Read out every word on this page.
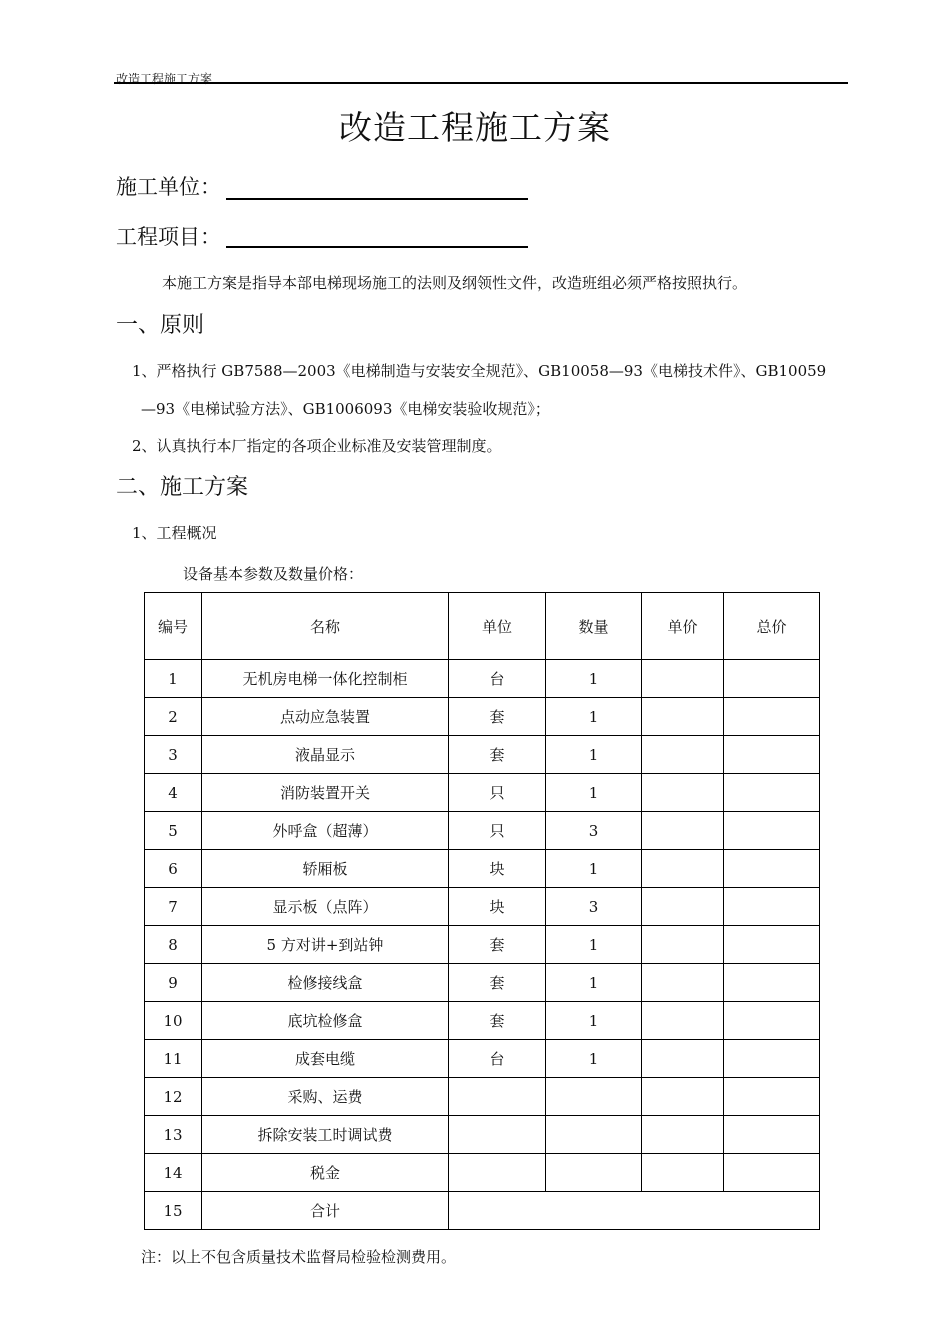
改造工程施工方案
改造工程施工方案
施工单位：
工程项目：
本施工方案是指导本部电梯现场施工的法则及纲领性文件，改造班组必须严格按照执行。
一、原则
1、严格执行 GB7588—2003《电梯制造与安装安全规范》、GB10058—93《电梯技术件》、GB10059
—93《电梯试验方法》、GB1006093《电梯安装验收规范》；
2、认真执行本厂指定的各项企业标准及安装管理制度。
二、施工方案
1、工程概况
设备基本参数及数量价格：
编号	名称	单位	数量	单价	总价
1	无机房电梯一体化控制柜	台	1		
2	点动应急装置	套	1		
3	液晶显示	套	1		
4	消防装置开关	只	1		
5	外呼盒（超薄）	只	3		
6	轿厢板	块	1		
7	显示板（点阵）	块	3		
8	5 方对讲+到站钟	套	1		
9	检修接线盒	套	1		
10	底坑检修盒	套	1		
11	成套电缆	台	1		
12	采购、运费				
13	拆除安装工时调试费				
14	税金				
15	合计				
注：以上不包含质量技术监督局检验检测费用。
